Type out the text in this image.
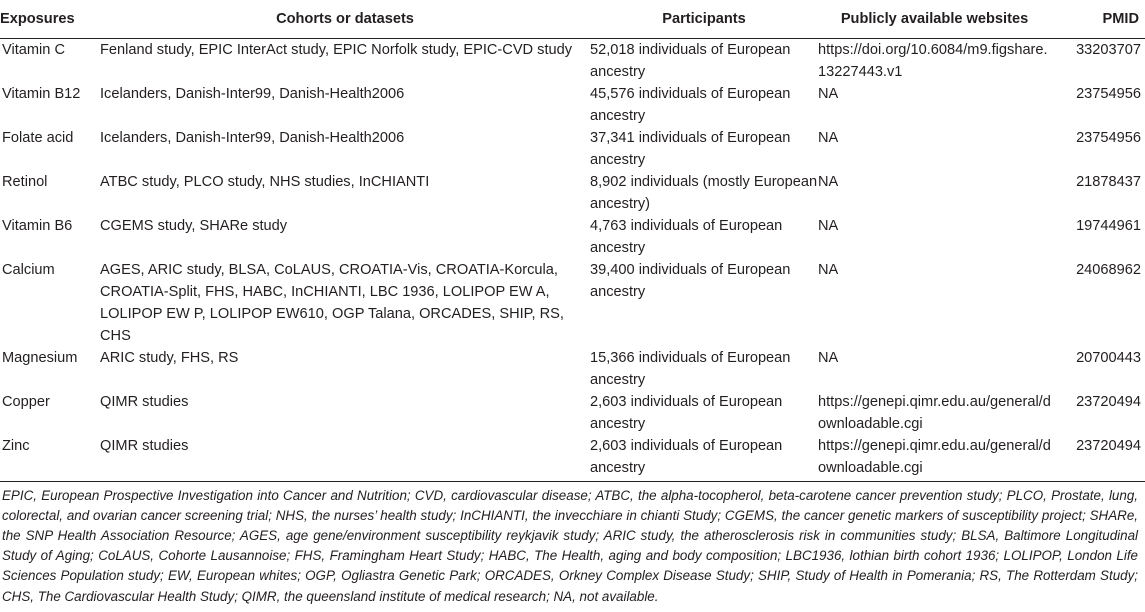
Exposures	Cohorts or datasets	Participants	Publicly available websites	PMID
Vitamin C	Fenland study, EPIC InterAct study, EPIC Norfolk study, EPIC-CVD study	52,018 individuals of European ancestry	https://doi.org/10.6084/m9.figshare.13227443.v1	33203707
Vitamin B12	Icelanders, Danish-Inter99, Danish-Health2006	45,576 individuals of European ancestry	NA	23754956
Folate acid	Icelanders, Danish-Inter99, Danish-Health2006	37,341 individuals of European ancestry	NA	23754956
Retinol	ATBC study, PLCO study, NHS studies, InCHIANTI	8,902 individuals (mostly European ancestry)	NA	21878437
Vitamin B6	CGEMS study, SHARe study	4,763 individuals of European ancestry	NA	19744961
Calcium	AGES, ARIC study, BLSA, CoLAUS, CROATIA-Vis, CROATIA-Korcula, CROATIA-Split, FHS, HABC, InCHIANTI, LBC 1936, LOLIPOP EW A, LOLIPOP EW P, LOLIPOP EW610, OGP Talana, ORCADES, SHIP, RS, CHS	39,400 individuals of European ancestry	NA	24068962
Magnesium	ARIC study, FHS, RS	15,366 individuals of European ancestry	NA	20700443
Copper	QIMR studies	2,603 individuals of European ancestry	https://genepi.qimr.edu.au/general/downloadable.cgi	23720494
Zinc	QIMR studies	2,603 individuals of European ancestry	https://genepi.qimr.edu.au/general/downloadable.cgi	23720494
EPIC, European Prospective Investigation into Cancer and Nutrition; CVD, cardiovascular disease; ATBC, the alpha-tocopherol, beta-carotene cancer prevention study; PLCO, Prostate, lung, colorectal, and ovarian cancer screening trial; NHS, the nurses’ health study; InCHIANTI, the invecchiare in chianti Study; CGEMS, the cancer genetic markers of susceptibility project; SHARe, the SNP Health Association Resource; AGES, age gene/environment susceptibility reykjavik study; ARIC study, the atherosclerosis risk in communities study; BLSA, Baltimore Longitudinal Study of Aging; CoLAUS, Cohorte Lausannoise; FHS, Framingham Heart Study; HABC, The Health, aging and body composition; LBC1936, lothian birth cohort 1936; LOLIPOP, London Life Sciences Population study; EW, European whites; OGP, Ogliastra Genetic Park; ORCADES, Orkney Complex Disease Study; SHIP, Study of Health in Pomerania; RS, The Rotterdam Study; CHS, The Cardiovascular Health Study; QIMR, the queensland institute of medical research; NA, not available.
